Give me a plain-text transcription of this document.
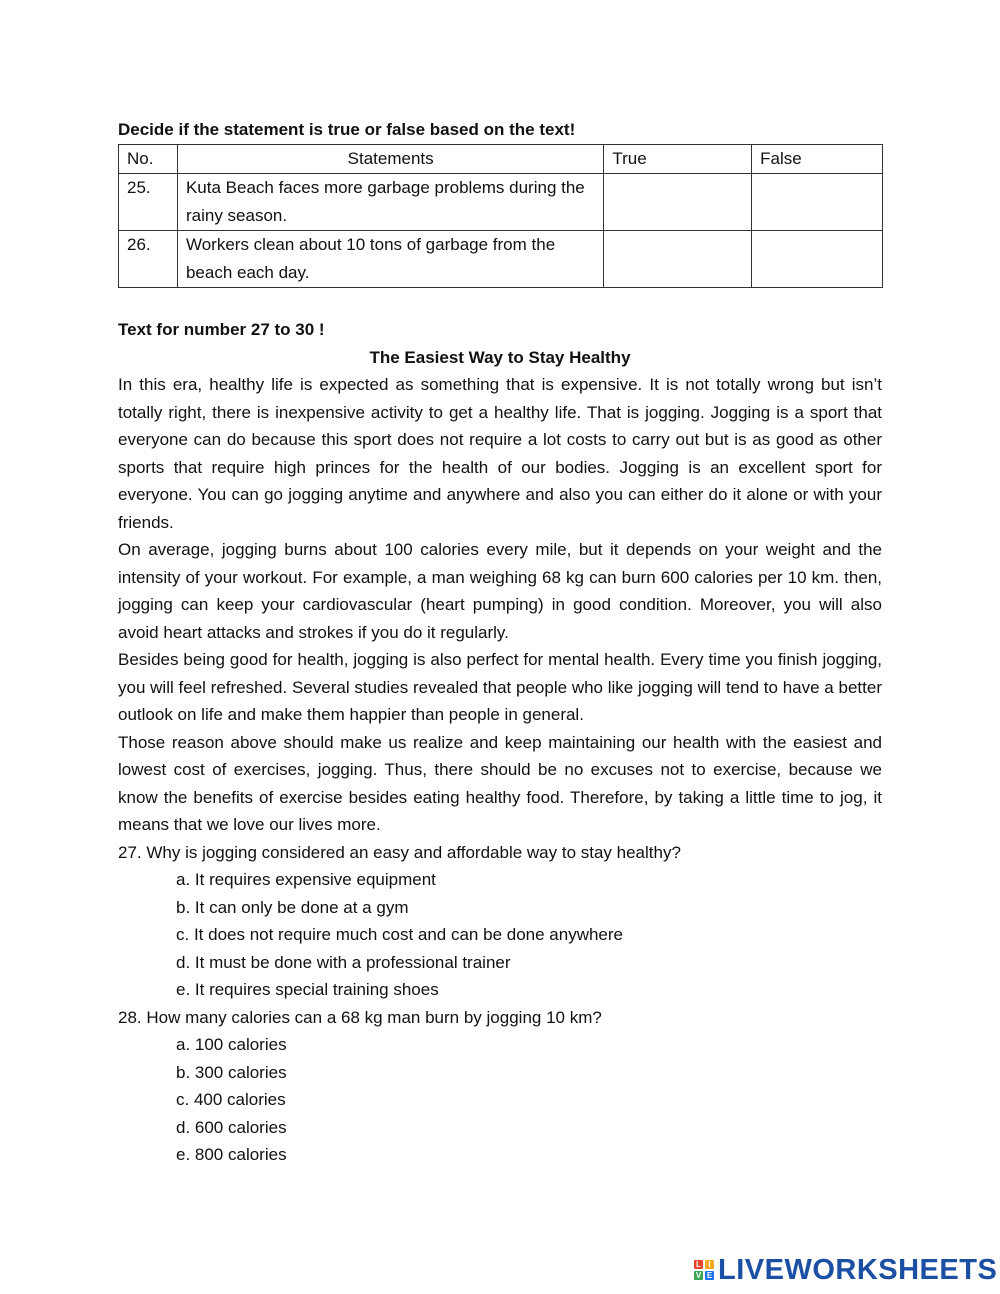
Decide if the statement is true or false based on the text!

No.	Statements	True	False
25.	Kuta Beach faces more garbage problems during the rainy season.		
26.	Workers clean about 10 tons of garbage from the beach each day.		

Text for number 27 to 30 !

The Easiest Way to Stay Healthy

In this era, healthy life is expected as something that is expensive. It is not totally wrong but isn’t totally right, there is inexpensive activity to get a healthy life. That is jogging. Jogging is a sport that everyone can do because this sport does not require a lot costs to carry out but is as good as other sports that require high princes for the health of our bodies. Jogging is an excellent sport for everyone. You can go jogging anytime and anywhere and also you can either do it alone or with your friends.

On average, jogging burns about 100 calories every mile, but it depends on your weight and the intensity of your workout. For example, a man weighing 68 kg can burn 600 calories per 10 km. then, jogging can keep your cardiovascular (heart pumping) in good condition. Moreover, you will also avoid heart attacks and strokes if you do it regularly.

Besides being good for health, jogging is also perfect for mental health. Every time you finish jogging, you will feel refreshed. Several studies revealed that people who like jogging will tend to have a better outlook on life and make them happier than people in general.

Those reason above should make us realize and keep maintaining our health with the easiest and lowest cost of exercises, jogging. Thus, there should be no excuses not to exercise, because we know the benefits of exercise besides eating healthy food. Therefore, by taking a little time to jog, it means that we love our lives more.

27. Why is jogging considered an easy and affordable way to stay healthy?

a. It requires expensive equipment

b. It can only be done at a gym

c. It does not require much cost and can be done anywhere

d. It must be done with a professional trainer

e. It requires special training shoes

28. How many calories can a 68 kg man burn by jogging 10 km?

a. 100 calories

b. 300 calories

c. 400 calories

d. 600 calories

e. 800 calories

L I
V E LIVEWORKSHEETS
